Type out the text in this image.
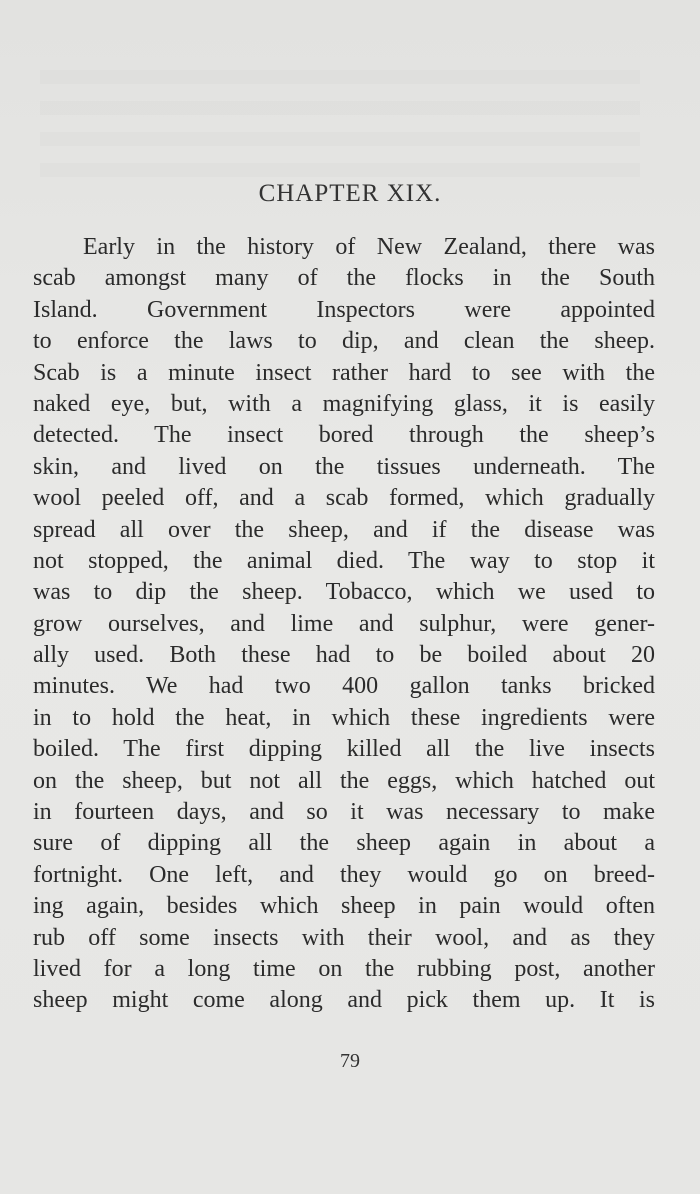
CHAPTER XIX.
Early in the history of New Zealand, there was
scab amongst many of the flocks in the South
Island. Government Inspectors were appointed
to enforce the laws to dip, and clean the sheep.
Scab is a minute insect rather hard to see with the
naked eye, but, with a magnifying glass, it is easily
detected. The insect bored through the sheep’s
skin, and lived on the tissues underneath. The
wool peeled off, and a scab formed, which gradually
spread all over the sheep, and if the disease was
not stopped, the animal died. The way to stop it
was to dip the sheep. Tobacco, which we used to
grow ourselves, and lime and sulphur, were gener-
ally used. Both these had to be boiled about 20
minutes. We had two 400 gallon tanks bricked
in to hold the heat, in which these ingredients were
boiled. The first dipping killed all the live insects
on the sheep, but not all the eggs, which hatched out
in fourteen days, and so it was necessary to make
sure of dipping all the sheep again in about a
fortnight. One left, and they would go on breed-
ing again, besides which sheep in pain would often
rub off some insects with their wool, and as they
lived for a long time on the rubbing post, another
sheep might come along and pick them up. It is
79
